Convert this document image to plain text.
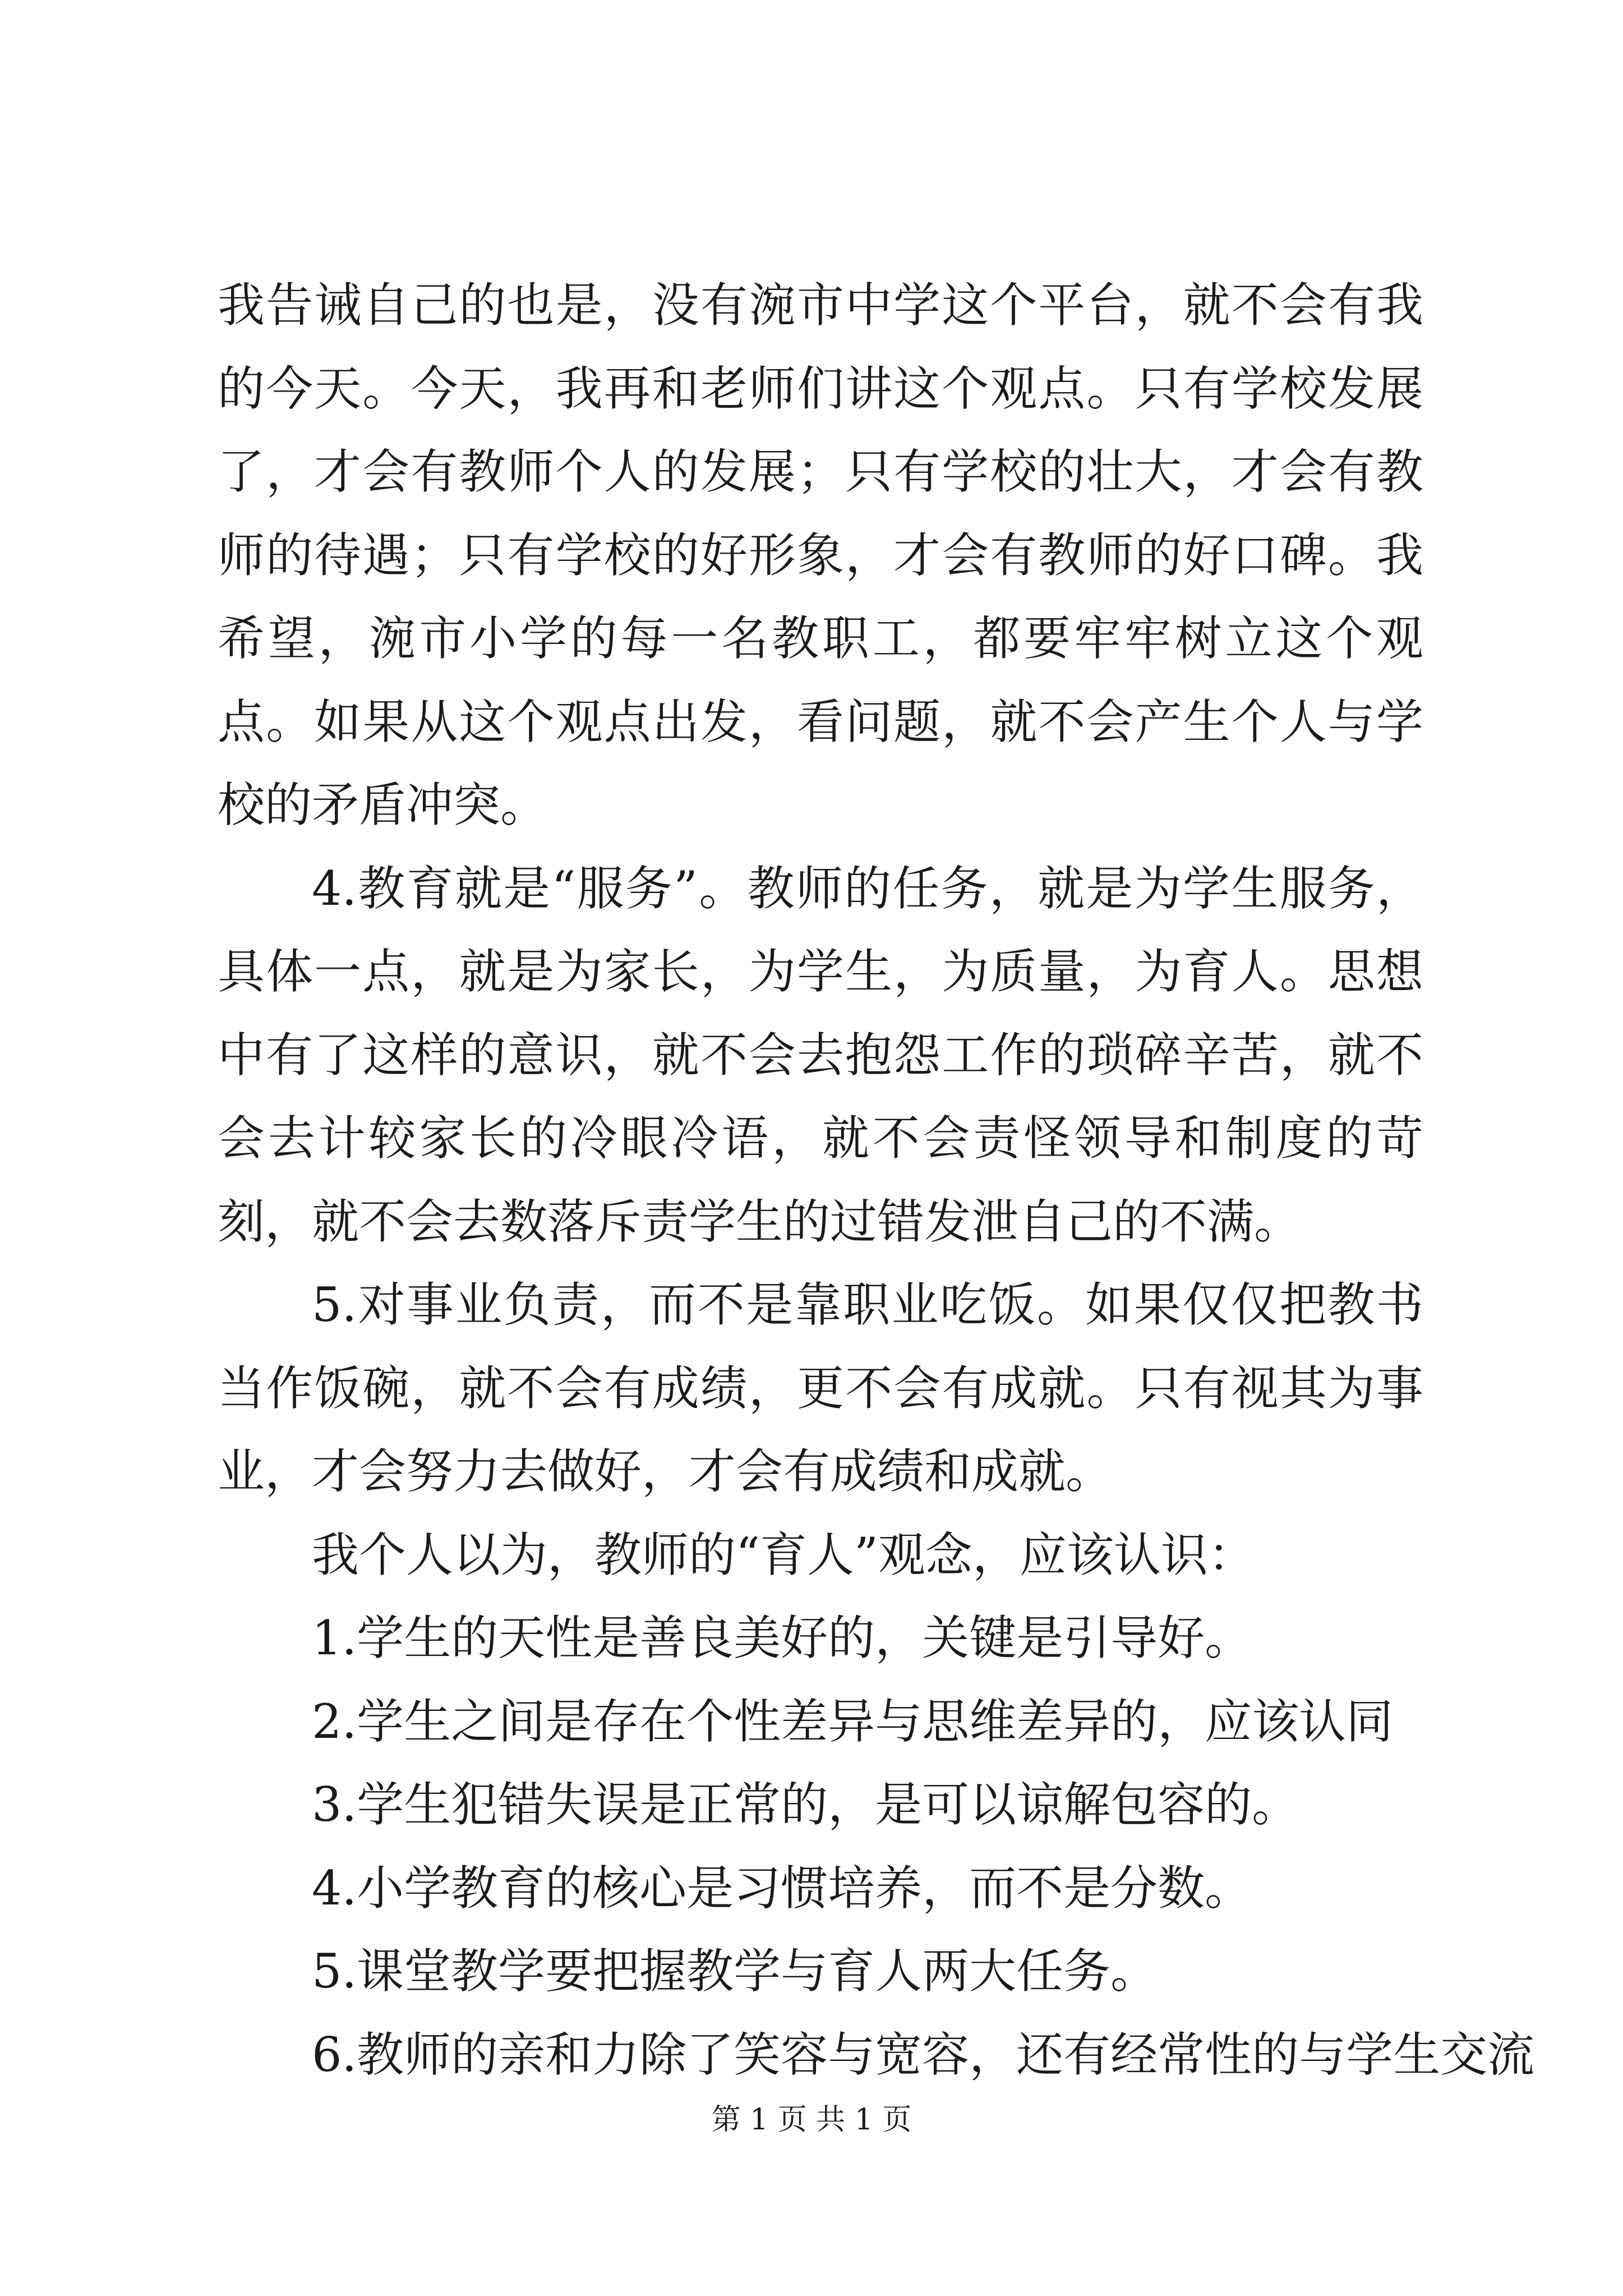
我告诫自己的也是，没有涴市中学这个平台，就不会有我的今天。今天，我再和老师们讲这个观点。只有学校发展了，才会有教师个人的发展；只有学校的壮大，才会有教师的待遇；只有学校的好形象，才会有教师的好口碑。我希望，涴市小学的每一名教职工，都要牢牢树立这个观点。如果从这个观点出发，看问题，就不会产生个人与学校的矛盾冲突。

4.教育就是“服务”。教师的任务，就是为学生服务，具体一点，就是为家长，为学生，为质量，为育人。思想中有了这样的意识，就不会去抱怨工作的琐碎辛苦，就不会去计较家长的冷眼冷语，就不会责怪领导和制度的苛刻，就不会去数落斥责学生的过错发泄自己的不满。

5.对事业负责，而不是靠职业吃饭。如果仅仅把教书当作饭碗，就不会有成绩，更不会有成就。只有视其为事业，才会努力去做好，才会有成绩和成就。

我个人以为，教师的“育人”观念，应该认识：

1.学生的天性是善良美好的，关键是引导好。

2.学生之间是存在个性差异与思维差异的，应该认同

3.学生犯错失误是正常的，是可以谅解包容的。

4.小学教育的核心是习惯培养，而不是分数。

5.课堂教学要把握教学与育人两大任务。

6.教师的亲和力除了笑容与宽容，还有经常性的与学生交流

第 1 页 共 1 页
